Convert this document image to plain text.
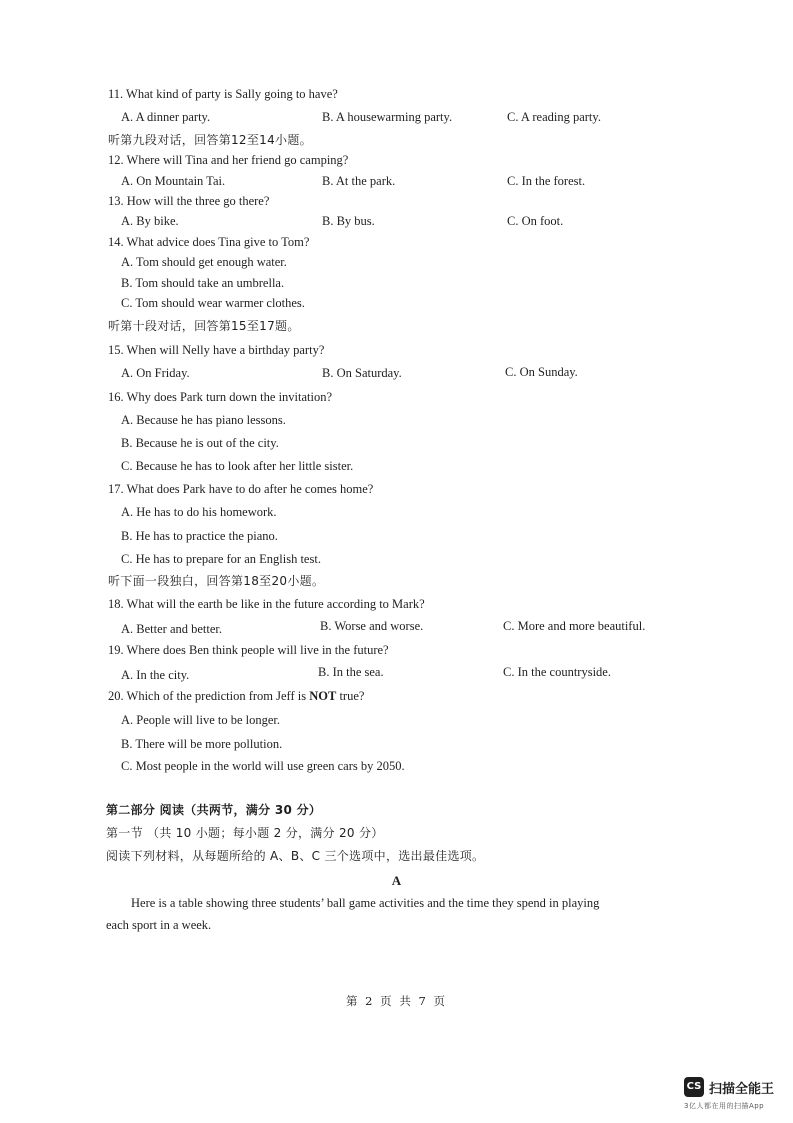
11. What kind of party is Sally going to have?
A. A dinner party.	B. A housewarming party.	C. A reading party.
听第九段对话，回答第12至14小题。
12. Where will Tina and her friend go camping?
A. On Mountain Tai.	B. At the park.	C. In the forest.
13. How will the three go there?
A. By bike.	B. By bus.	C. On foot.
14. What advice does Tina give to Tom?
A. Tom should get enough water.
B. Tom should take an umbrella.
C. Tom should wear warmer clothes.
听第十段对话，回答第15至17题。
15. When will Nelly have a birthday party?
A. On Friday.	B. On Saturday.	C. On Sunday.
16. Why does Park turn down the invitation?
A. Because he has piano lessons.
B. Because he is out of the city.
C. Because he has to look after her little sister.
17. What does Park have to do after he comes home?
A. He has to do his homework.
B. He has to practice the piano.
C. He has to prepare for an English test.
听下面一段独白，回答第18至20小题。
18. What will the earth be like in the future according to Mark?
A. Better and better.	B. Worse and worse.	C. More and more beautiful.
19. Where does Ben think people will live in the future?
A. In the city.	B. In the sea.	C. In the countryside.
20. Which of the prediction from Jeff is NOT true?
A. People will live to be longer.
B. There will be more pollution.
C. Most people in the world will use green cars by 2050.
第二部分 阅读（共两节，满分 30 分）
第一节 （共 10 小题；每小题 2 分，满分 20 分）
阅读下列材料，从每题所给的 A、B、C 三个选项中，选出最佳选项。
A
Here is a table showing three students’ ball game activities and the time they spend in playing
each sport in a week.
第 2 页 共 7 页
CS 扫描全能王
3亿人都在用的扫描App
